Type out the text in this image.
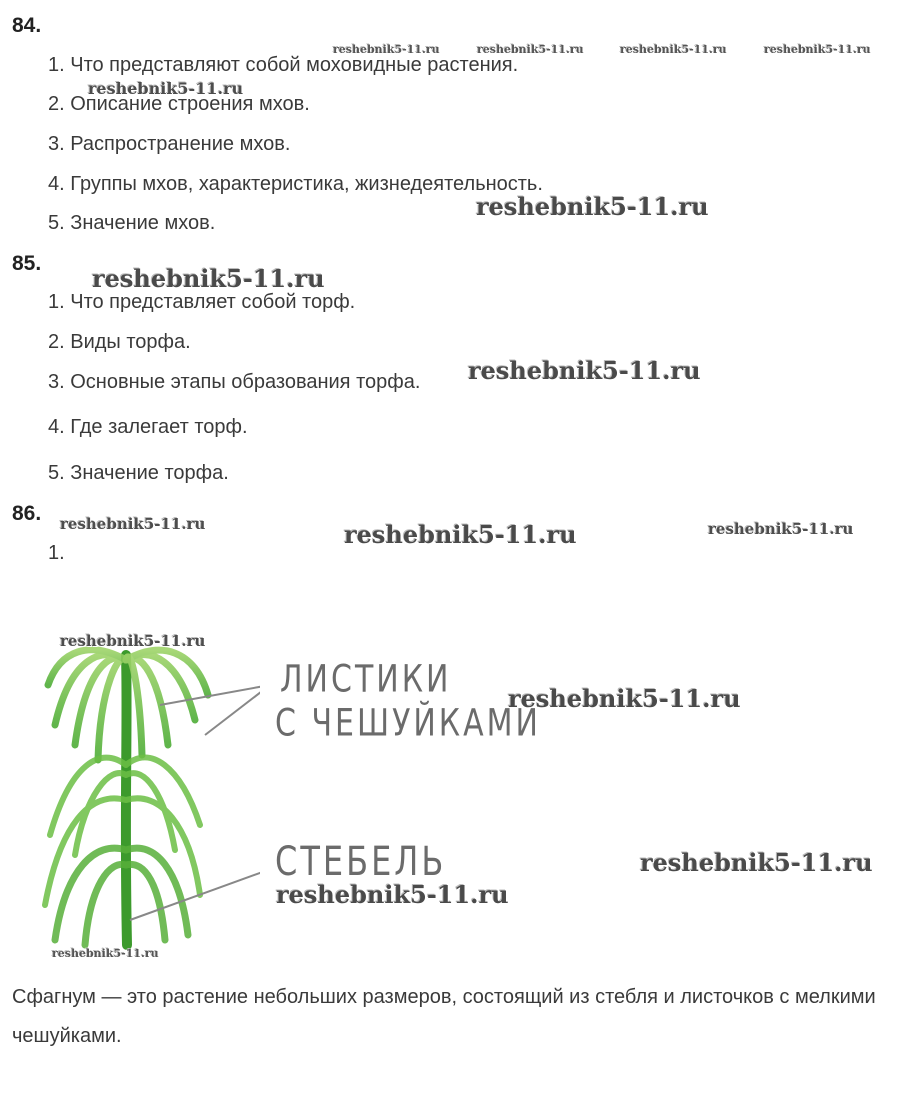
84.
1. Что представляют собой моховидные растения.
2. Описание строения мхов.
3. Распространение мхов.
4. Группы мхов, характеристика, жизнедеятельность.
5. Значение мхов.
85.
1. Что представляет собой торф.
2. Виды торфа.
3. Основные этапы образования торфа.
4. Где залегает торф.
5. Значение торфа.
86.
1.
ЛИСТИКИ
С ЧЕШУЙКАМИ
СТЕБЕЛЬ
Сфагнум — это растение небольших размеров, состоящий из стебля и листочков с мелкими чешуйками.
reshebnik5-11.ru	reshebnik5-11.ru	reshebnik5-11.ru	reshebnik5-11.ru
reshebnik5-11.ru
reshebnik5-11.ru
reshebnik5-11.ru
reshebnik5-11.ru
reshebnik5-11.ru	reshebnik5-11.ru	reshebnik5-11.ru
reshebnik5-11.ru
reshebnik5-11.ru
reshebnik5-11.ru
reshebnik5-11.ru
reshebnik5-11.ru
